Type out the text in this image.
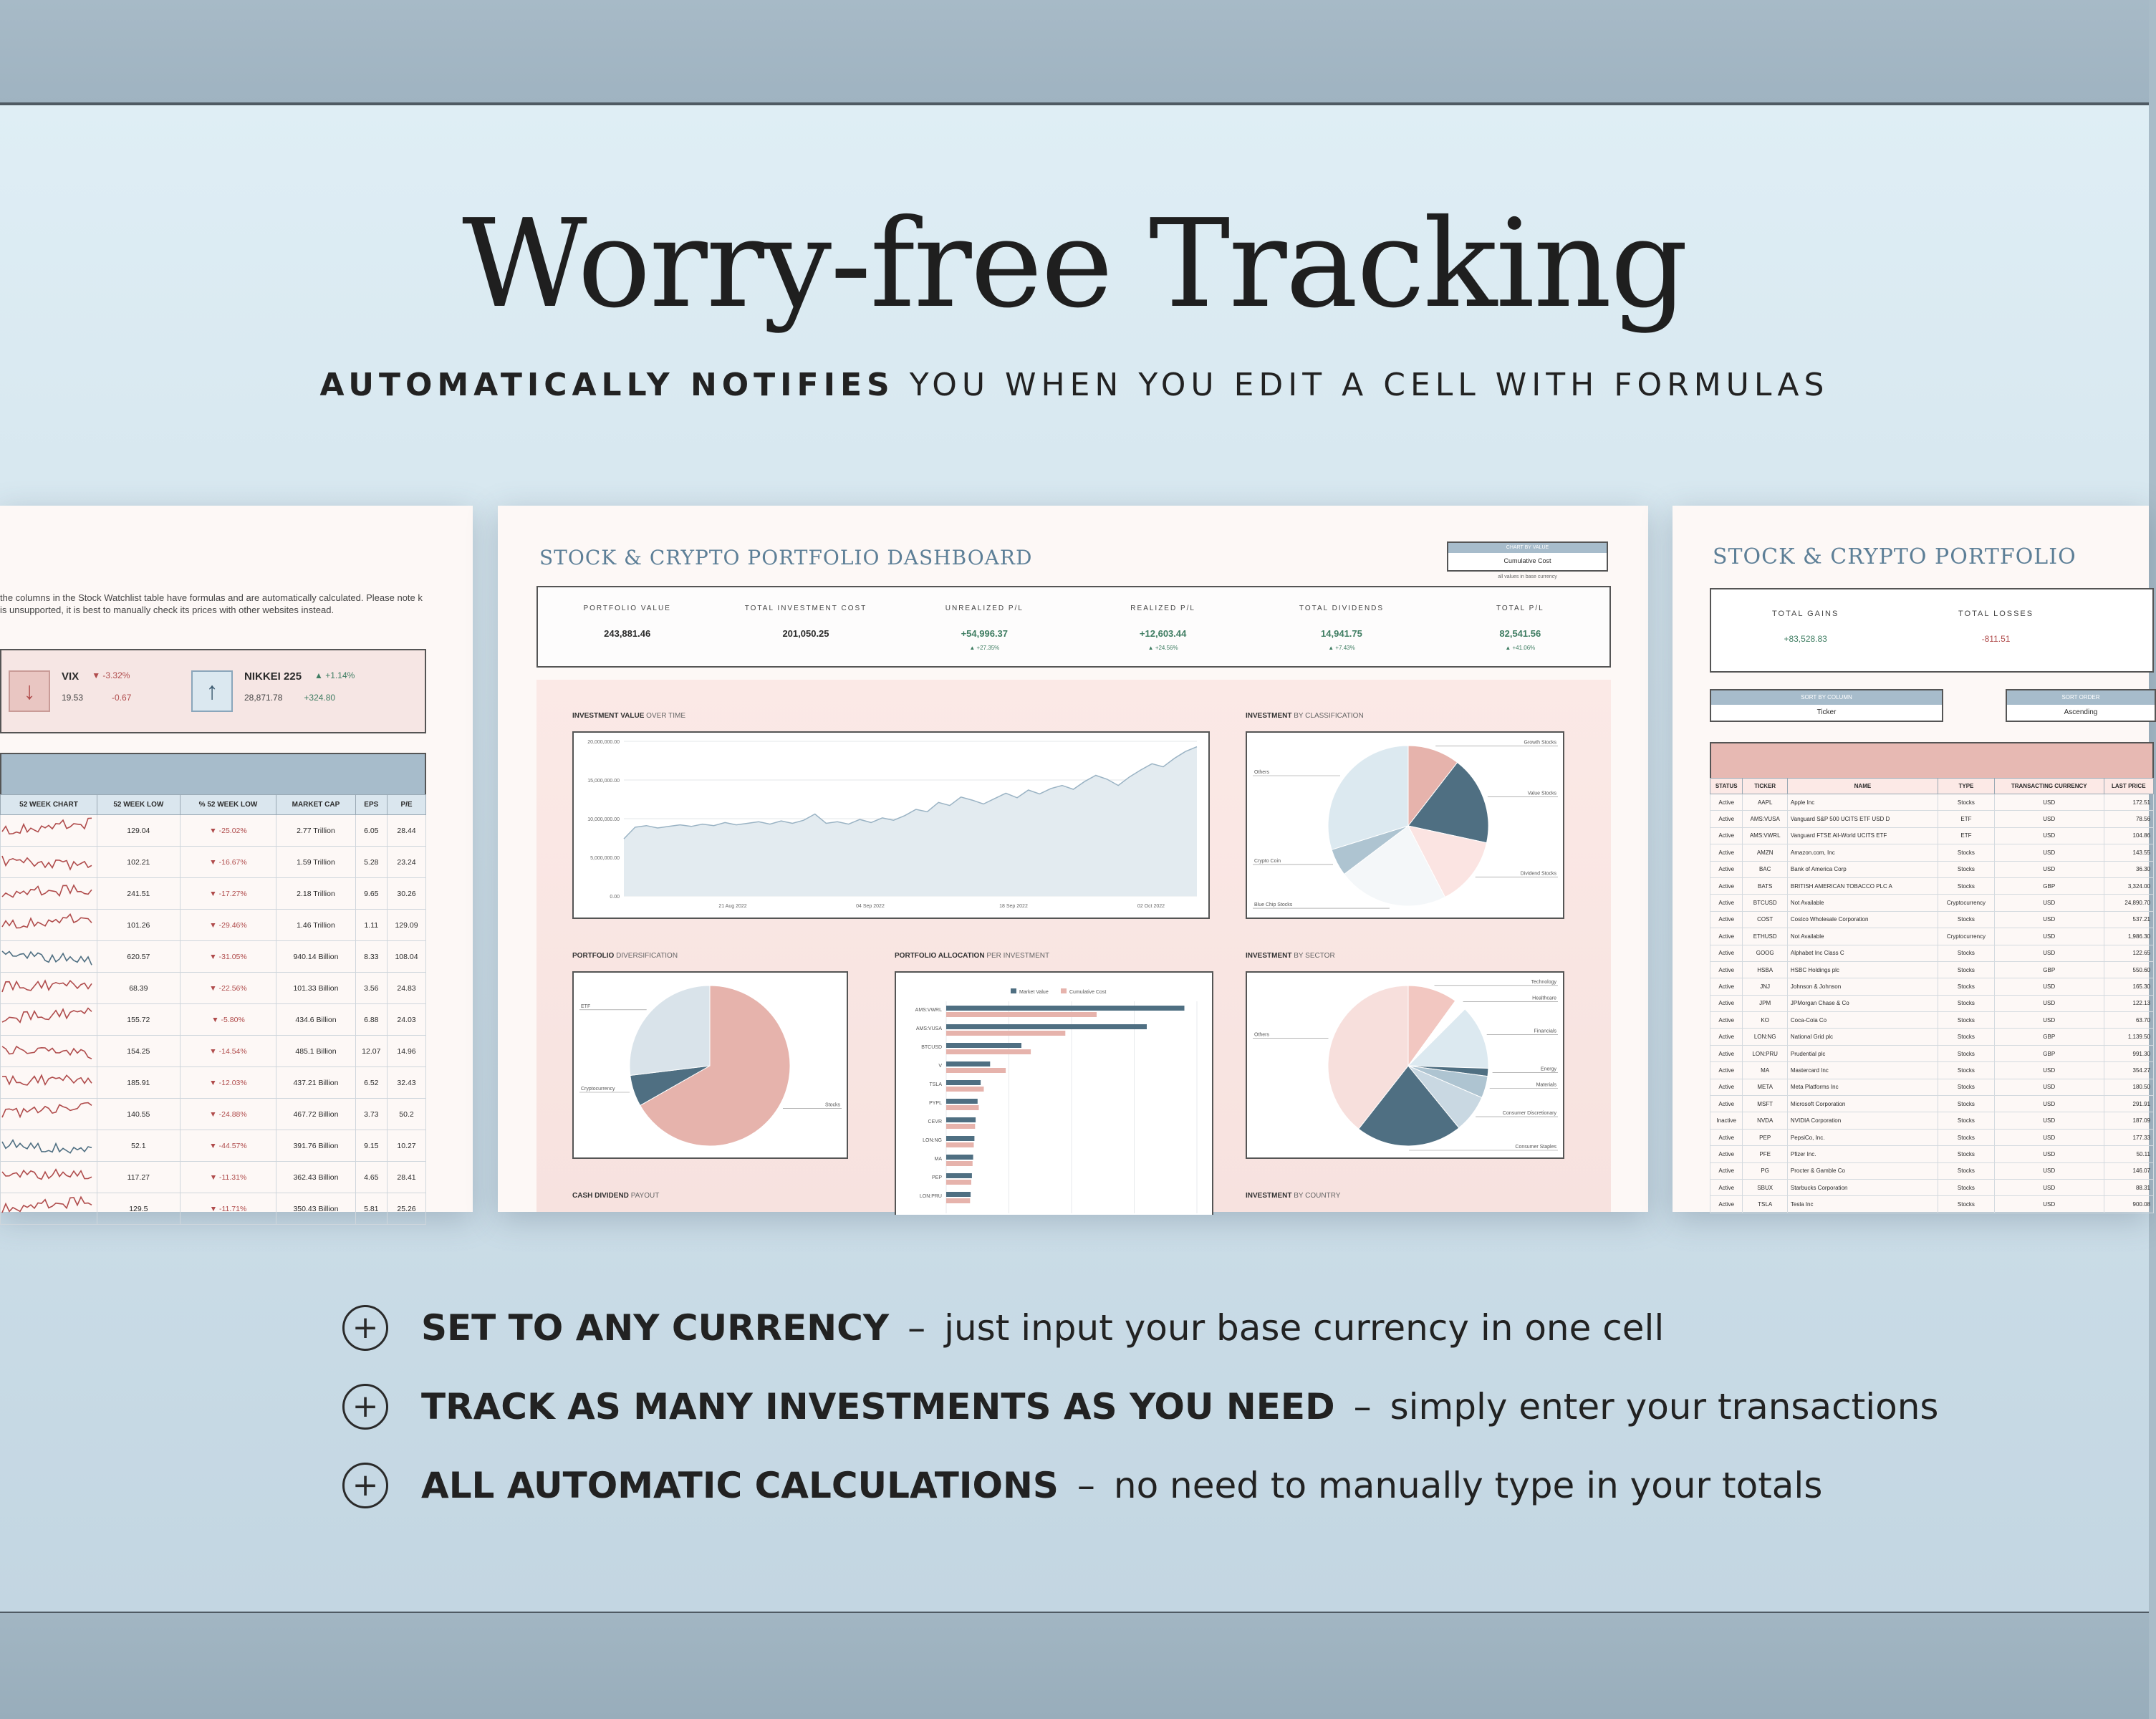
Worry-free Tracking
AUTOMATICALLY NOTIFIES YOU WHEN YOU EDIT A CELL WITH FORMULAS
the columns in the Stock Watchlist table have formulas and are automatically calculated. Please note k is unsupported, it is best to manually check its prices with other websites instead.
↓
VIX ▼ -3.32%
19.53	-0.67	↑
NIKKEI 225 ▲ +1.14%
28,871.78	+324.80
52 WEEK CHART	52 WEEK LOW	% 52 WEEK LOW	MARKET CAP	EPS	P/E
	129.04	▼ -25.02%	2.77 Trillion	6.05	28.44
	102.21	▼ -16.67%	1.59 Trillion	5.28	23.24
	241.51	▼ -17.27%	2.18 Trillion	9.65	30.26
	101.26	▼ -29.46%	1.46 Trillion	1.11	129.09
	620.57	▼ -31.05%	940.14 Billion	8.33	108.04
	68.39	▼ -22.56%	101.33 Billion	3.56	24.83
	155.72	▼ -5.80%	434.6 Billion	6.88	24.03
	154.25	▼ -14.54%	485.1 Billion	12.07	14.96
	185.91	▼ -12.03%	437.21 Billion	6.52	32.43
	140.55	▼ -24.88%	467.72 Billion	3.73	50.2
	52.1	▼ -44.57%	391.76 Billion	9.15	10.27
	117.27	▼ -11.31%	362.43 Billion	4.65	28.41
	129.5	▼ -11.71%	350.43 Billion	5.81	25.26
STOCK & CRYPTO PORTFOLIO DASHBOARD	CHART BY VALUE
Cumulative Cost
all values in base currency
PORTFOLIO VALUE
243,881.46
TOTAL INVESTMENT COST
201,050.25
UNREALIZED P/L
+54,996.37
▲ +27.35%
REALIZED P/L
+12,603.44
▲ +24.56%
TOTAL DIVIDENDS
14,941.75
▲ +7.43%
TOTAL P/L
82,541.56
▲ +41.06%
INVESTMENT VALUE OVER TIME
20,000,000.00
15,000,000.00
10,000,000.00
5,000,000.00
0.00
21 Aug 2022	04 Sep 2022	18 Sep 2022	02 Oct 2022
INVESTMENT BY CLASSIFICATION
Growth Stocks
Value Stocks
Dividend Stocks
Blue Chip Stocks
Crypto Coin
Others
PORTFOLIO DIVERSIFICATION
Stocks
Cryptocurrency
ETF
PORTFOLIO ALLOCATION PER INVESTMENT
Market Value	Cumulative Cost
AMS:VWRL
AMS:VUSA
BTCUSD
V
TSLA
PYPL
CEVR
LON:NG
MA
PEP
LON:PRU
INVESTMENT BY SECTOR
Technology
Healthcare
Financials
Energy
Materials
Consumer Discretionary
Consumer Staples
Others
CASH DIVIDEND PAYOUT	INVESTMENT BY COUNTRY
STOCK & CRYPTO PORTFOLIO
TOTAL GAINS
+83,528.83
TOTAL LOSSES
-811.51
SORT BY COLUMN
Ticker
SORT ORDER
Ascending
STATUS	TICKER	NAME	TYPE	TRANSACTING CURRENCY	LAST PRICE
Active	AAPL	Apple Inc	Stocks	USD	172.51
Active	AMS:VUSA	Vanguard S&P 500 UCITS ETF USD D	ETF	USD	78.56
Active	AMS:VWRL	Vanguard FTSE All-World UCITS ETF	ETF	USD	104.86
Active	AMZN	Amazon.com, Inc	Stocks	USD	143.55
Active	BAC	Bank of America Corp	Stocks	USD	36.30
Active	BATS	BRITISH AMERICAN TOBACCO PLC A	Stocks	GBP	3,324.00
Active	BTCUSD	Not Available	Cryptocurrency	USD	24,890.70
Active	COST	Costco Wholesale Corporation	Stocks	USD	537.21
Active	ETHUSD	Not Available	Cryptocurrency	USD	1,986.30
Active	GOOG	Alphabet Inc Class C	Stocks	USD	122.65
Active	HSBA	HSBC Holdings plc	Stocks	GBP	550.60
Active	JNJ	Johnson & Johnson	Stocks	USD	165.30
Active	JPM	JPMorgan Chase & Co	Stocks	USD	122.13
Active	KO	Coca-Cola Co	Stocks	USD	63.70
Active	LON:NG	National Grid plc	Stocks	GBP	1,139.50
Active	LON:PRU	Prudential plc	Stocks	GBP	991.30
Active	MA	Mastercard Inc	Stocks	USD	354.27
Active	META	Meta Platforms Inc	Stocks	USD	180.50
Active	MSFT	Microsoft Corporation	Stocks	USD	291.91
Inactive	NVDA	NVIDIA Corporation	Stocks	USD	187.09
Active	PEP	PepsiCo, Inc.	Stocks	USD	177.33
Active	PFE	Pfizer Inc.	Stocks	USD	50.11
Active	PG	Procter & Gamble Co	Stocks	USD	146.07
Active	SBUX	Starbucks Corporation	Stocks	USD	88.31
Active	TSLA	Tesla Inc	Stocks	USD	900.08
+ SET TO ANY CURRENCY – just input your base currency in one cell
+ TRACK AS MANY INVESTMENTS AS YOU NEED – simply enter your transactions
+ ALL AUTOMATIC CALCULATIONS – no need to manually type in your totals
